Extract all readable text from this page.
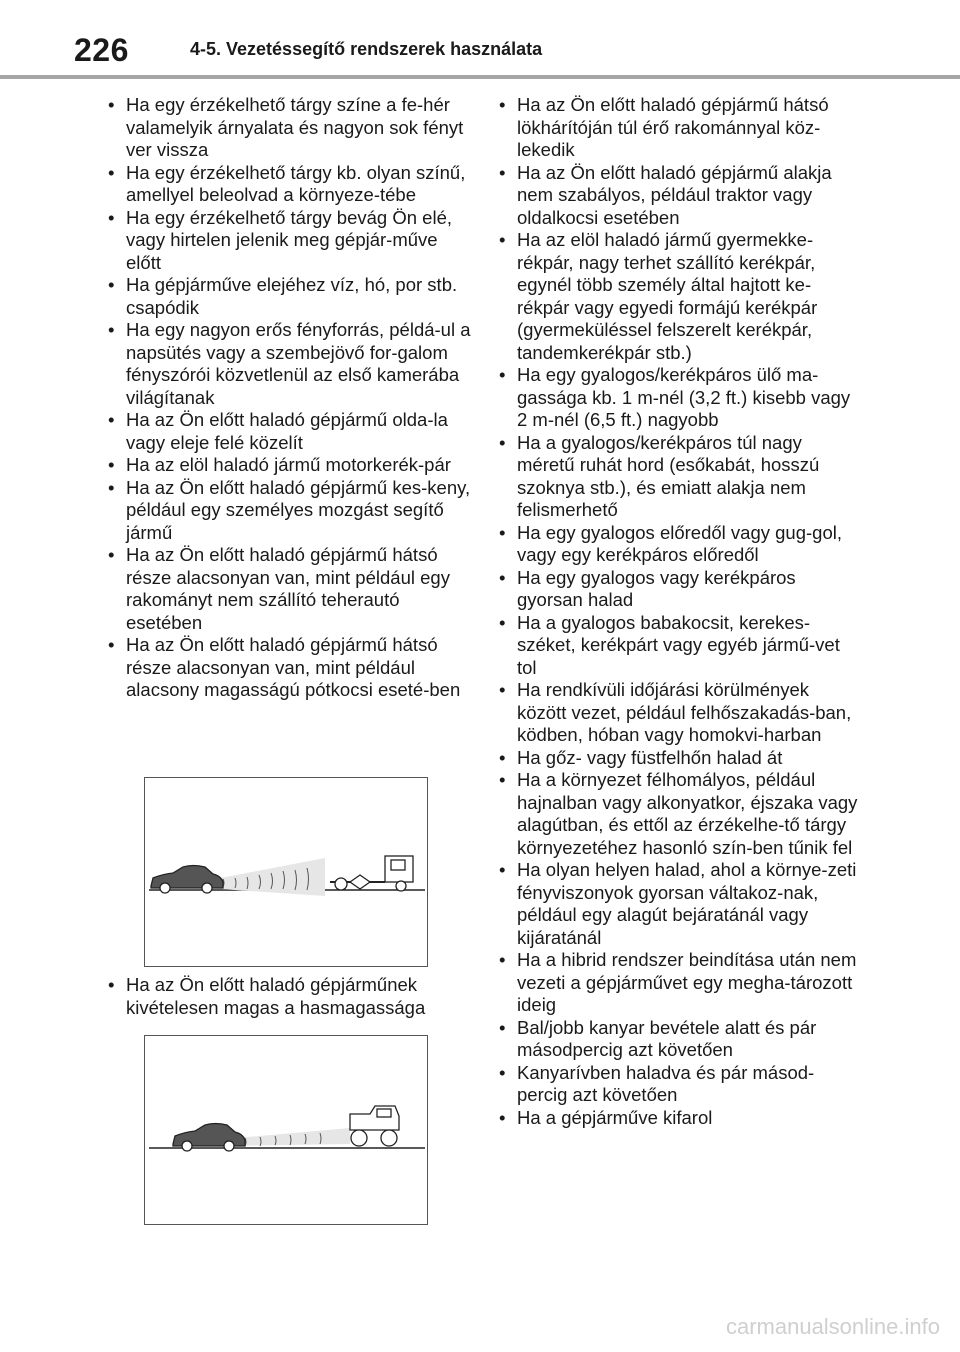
226	4-5. Vezetéssegítő rendszerek használata
• Ha egy érzékelhető tárgy színe a fe-hér valamelyik árnyalata és nagyon sok fényt ver vissza
• Ha egy érzékelhető tárgy kb. olyan színű, amellyel beleolvad a környeze-tébe
• Ha egy érzékelhető tárgy bevág Ön elé, vagy hirtelen jelenik meg gépjár-műve előtt
• Ha gépjárműve elejéhez víz, hó, por stb. csapódik
• Ha egy nagyon erős fényforrás, példá-ul a napsütés vagy a szembejövő for-galom fényszórói közvetlenül az első kamerába világítanak
• Ha az Ön előtt haladó gépjármű olda-la vagy eleje felé közelít
• Ha az elöl haladó jármű motorkerék-pár
• Ha az Ön előtt haladó gépjármű kes-keny, például egy személyes mozgást segítő jármű
• Ha az Ön előtt haladó gépjármű hátsó része alacsonyan van, mint például egy rakományt nem szállító teherautó esetében
• Ha az Ön előtt haladó gépjármű hátsó része alacsonyan van, mint például alacsony magasságú pótkocsi eseté-ben
• Ha az Ön előtt haladó gépjárműnek kivételesen magas a hasmagassága
• Ha az Ön előtt haladó gépjármű hátsó lökhárítóján túl érő rakománnyal köz-lekedik
• Ha az Ön előtt haladó gépjármű alakja nem szabályos, például traktor vagy oldalkocsi esetében
• Ha az elöl haladó jármű gyermekke-rékpár, nagy terhet szállító kerékpár, egynél több személy által hajtott ke-rékpár vagy egyedi formájú kerékpár (gyermeküléssel felszerelt kerékpár, tandemkerékpár stb.)
• Ha egy gyalogos/kerékpáros ülő ma-gassága kb. 1 m-nél (3,2 ft.) kisebb vagy 2 m-nél (6,5 ft.) nagyobb
• Ha a gyalogos/kerékpáros túl nagy méretű ruhát hord (esőkabát, hosszú szoknya stb.), és emiatt alakja nem felismerhető
• Ha egy gyalogos előredől vagy gug-gol, vagy egy kerékpáros előredől
• Ha egy gyalogos vagy kerékpáros gyorsan halad
• Ha a gyalogos babakocsit, kerekes-széket, kerékpárt vagy egyéb jármű-vet tol
• Ha rendkívüli időjárási körülmények között vezet, például felhőszakadás-ban, ködben, hóban vagy homokvi-harban
• Ha gőz- vagy füstfelhőn halad át
• Ha a környezet félhomályos, például hajnalban vagy alkonyatkor, éjszaka vagy alagútban, és ettől az érzékelhe-tő tárgy környezetéhez hasonló szín-ben tűnik fel
• Ha olyan helyen halad, ahol a környe-zeti fényviszonyok gyorsan váltakoz-nak, például egy alagút bejáratánál vagy kijáratánál
• Ha a hibrid rendszer beindítása után nem vezeti a gépjárművet egy megha-tározott ideig
• Bal/jobb kanyar bevétele alatt és pár másodpercig azt követően
• Kanyarívben haladva és pár másod-percig azt követően
• Ha a gépjárműve kifarol
carmanualsonline.info
